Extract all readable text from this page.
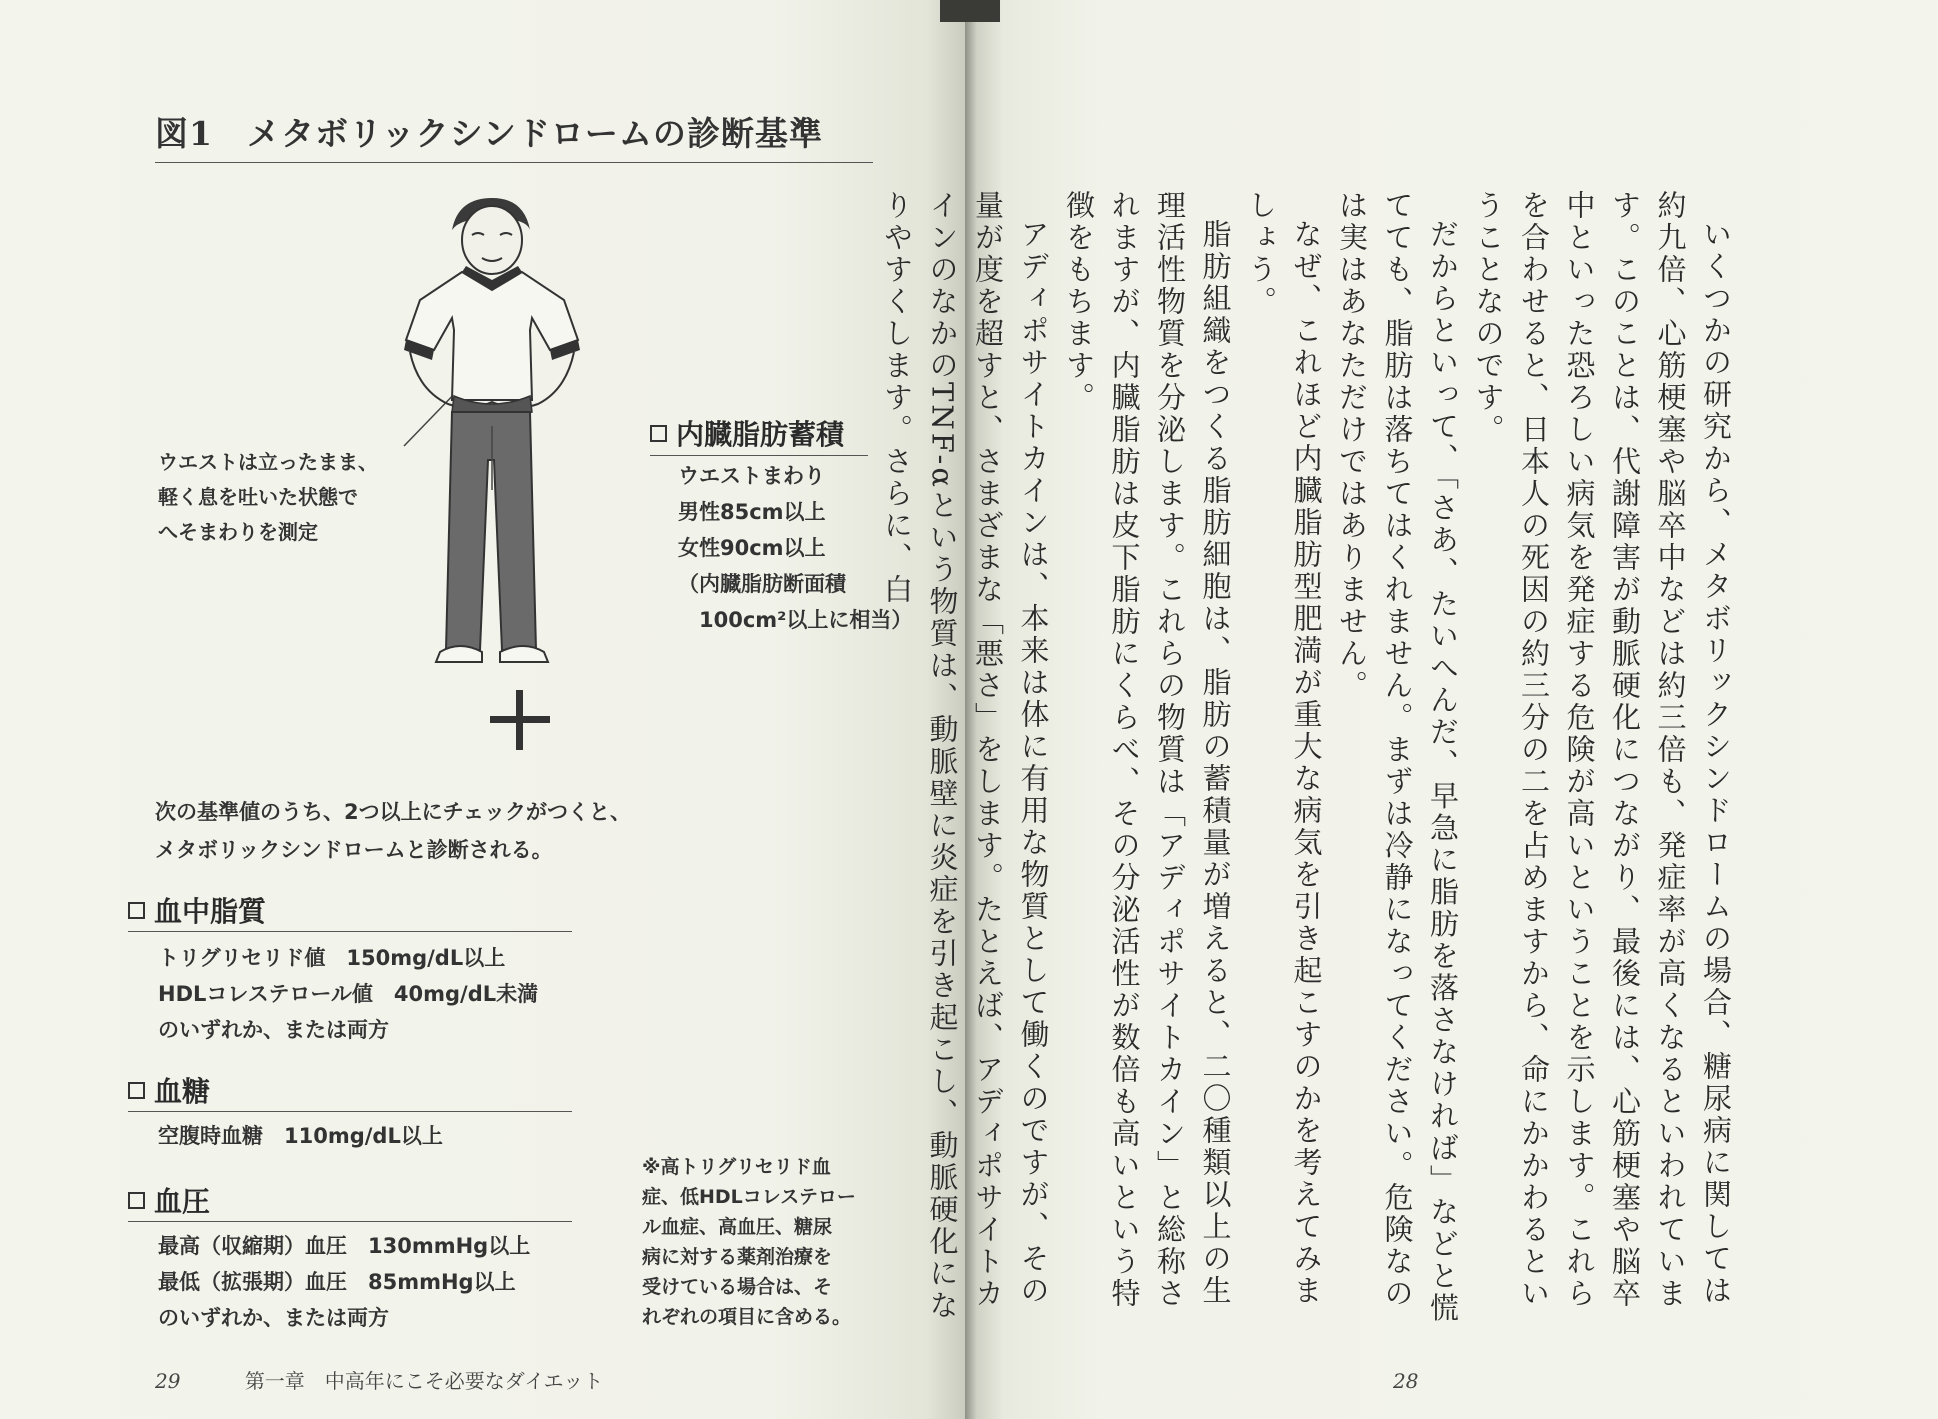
図1　メタボリックシンドロームの診断基準

ウエストは立ったまま、
軽く息を吐いた状態で
へそまわりを測定

内臓脂肪蓄積

ウエストまわり
男性85cm以上
女性90cm以上
（内臓脂肪断面積
　100cm²以上に相当）

次の基準値のうち、2つ以上にチェックがつくと、
メタボリックシンドロームと診断される。

血中脂質

トリグリセリド値　150mg/dL以上
HDLコレステロール値　40mg/dL未満
のいずれか、または両方

血糖

空腹時血糖　110mg/dL以上

血圧

最高（収縮期）血圧　130mmHg以上
最低（拡張期）血圧　85mmHg以上
のいずれか、または両方

※高トリグリセリド血
症、低HDLコレステロー
ル血症、高血圧、糖尿
病に対する薬剤治療を
受けている場合は、そ
れぞれの項目に含める。

29	第一章　中高年にこそ必要なダイエット

いくつかの研究から、メタボリックシンドロームの場合、糖尿病に関しては約九倍、心筋梗塞や脳卒中などは約三倍も、発症率が高くなるといわれています。このことは、代謝障害が動脈硬化につながり、最後には、心筋梗塞や脳卒中といった恐ろしい病気を発症する危険が高いということを示します。これらを合わせると、日本人の死因の約三分の二を占めますから、命にかかわるということなのです。

だからといって、「さあ、たいへんだ、早急に脂肪を落さなければ」などと慌てても、脂肪は落ちてはくれません。まずは冷静になってください。危険なのは実はあなただけではありません。

なぜ、これほど内臓脂肪型肥満が重大な病気を引き起こすのかを考えてみましょう。

脂肪組織をつくる脂肪細胞は、脂肪の蓄積量が増えると、二〇種類以上の生理活性物質を分泌します。これらの物質は「アディポサイトカイン」と総称されますが、内臓脂肪は皮下脂肪にくらべ、その分泌活性が数倍も高いという特徴をもちます。

アディポサイトカインは、本来は体に有用な物質として働くのですが、その量が度を超すと、さまざまな「悪さ」をします。たとえば、アディポサイトカインのなかのTNF-αという物質は、動脈壁に炎症を引き起こし、動脈硬化になりやすくします。さらに、白

28
